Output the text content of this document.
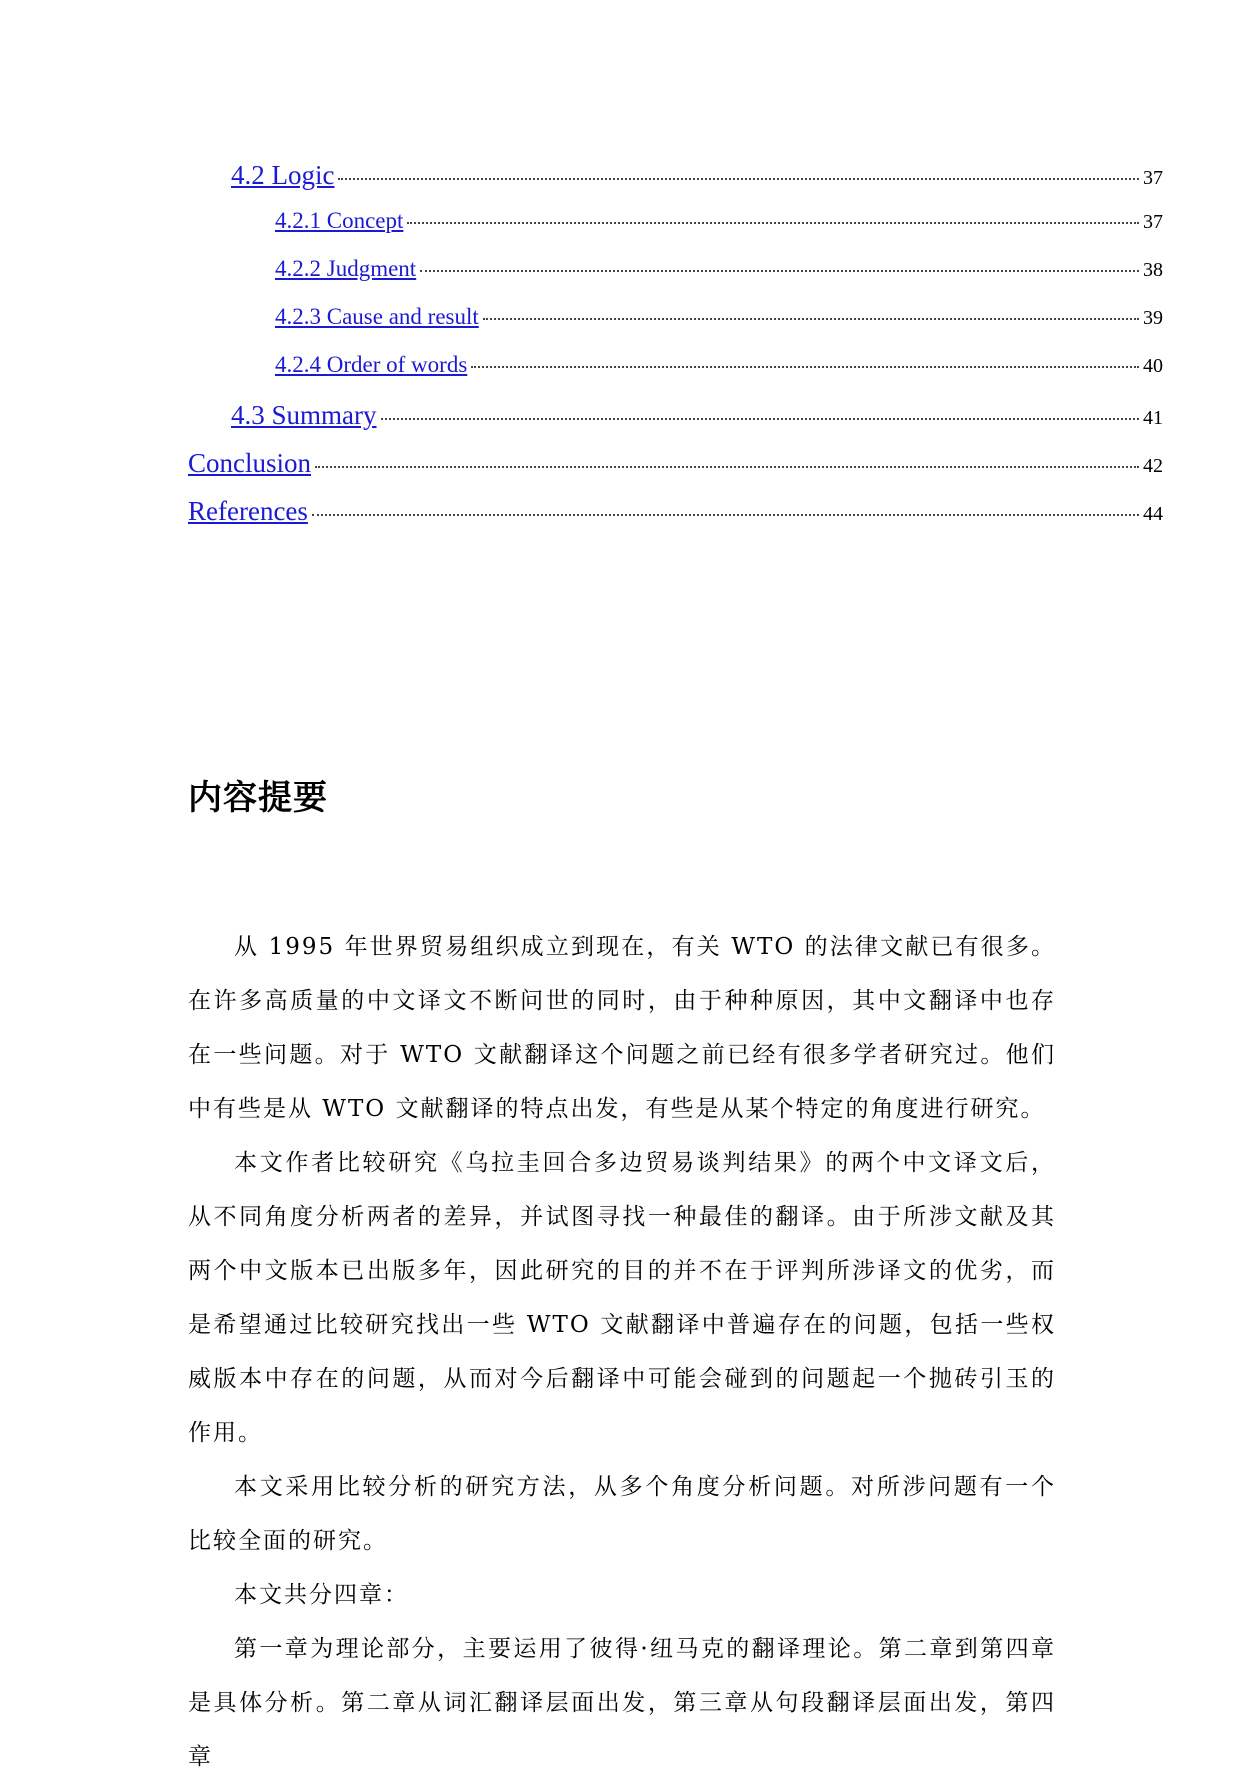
4.2 Logic	37
4.2.1 Concept	37
4.2.2 Judgment	38
4.2.3 Cause and result	39
4.2.4 Order of words	40
4.3 Summary	41
Conclusion	42
References	44
内容提要

从 1995 年世界贸易组织成立到现在，有关 WTO 的法律文献已有很多。在许多高质量的中文译文不断问世的同时，由于种种原因，其中文翻译中也存在一些问题。对于 WTO 文献翻译这个问题之前已经有很多学者研究过。他们中有些是从 WTO 文献翻译的特点出发，有些是从某个特定的角度进行研究。

本文作者比较研究《乌拉圭回合多边贸易谈判结果》的两个中文译文后，从不同角度分析两者的差异，并试图寻找一种最佳的翻译。由于所涉文献及其两个中文版本已出版多年，因此研究的目的并不在于评判所涉译文的优劣，而是希望通过比较研究找出一些 WTO 文献翻译中普遍存在的问题，包括一些权威版本中存在的问题，从而对今后翻译中可能会碰到的问题起一个抛砖引玉的作用。

本文采用比较分析的研究方法，从多个角度分析问题。对所涉问题有一个比较全面的研究。

本文共分四章：

第一章为理论部分，主要运用了彼得·纽马克的翻译理论。第二章到第四章是具体分析。第二章从词汇翻译层面出发，第三章从句段翻译层面出发，第四章
